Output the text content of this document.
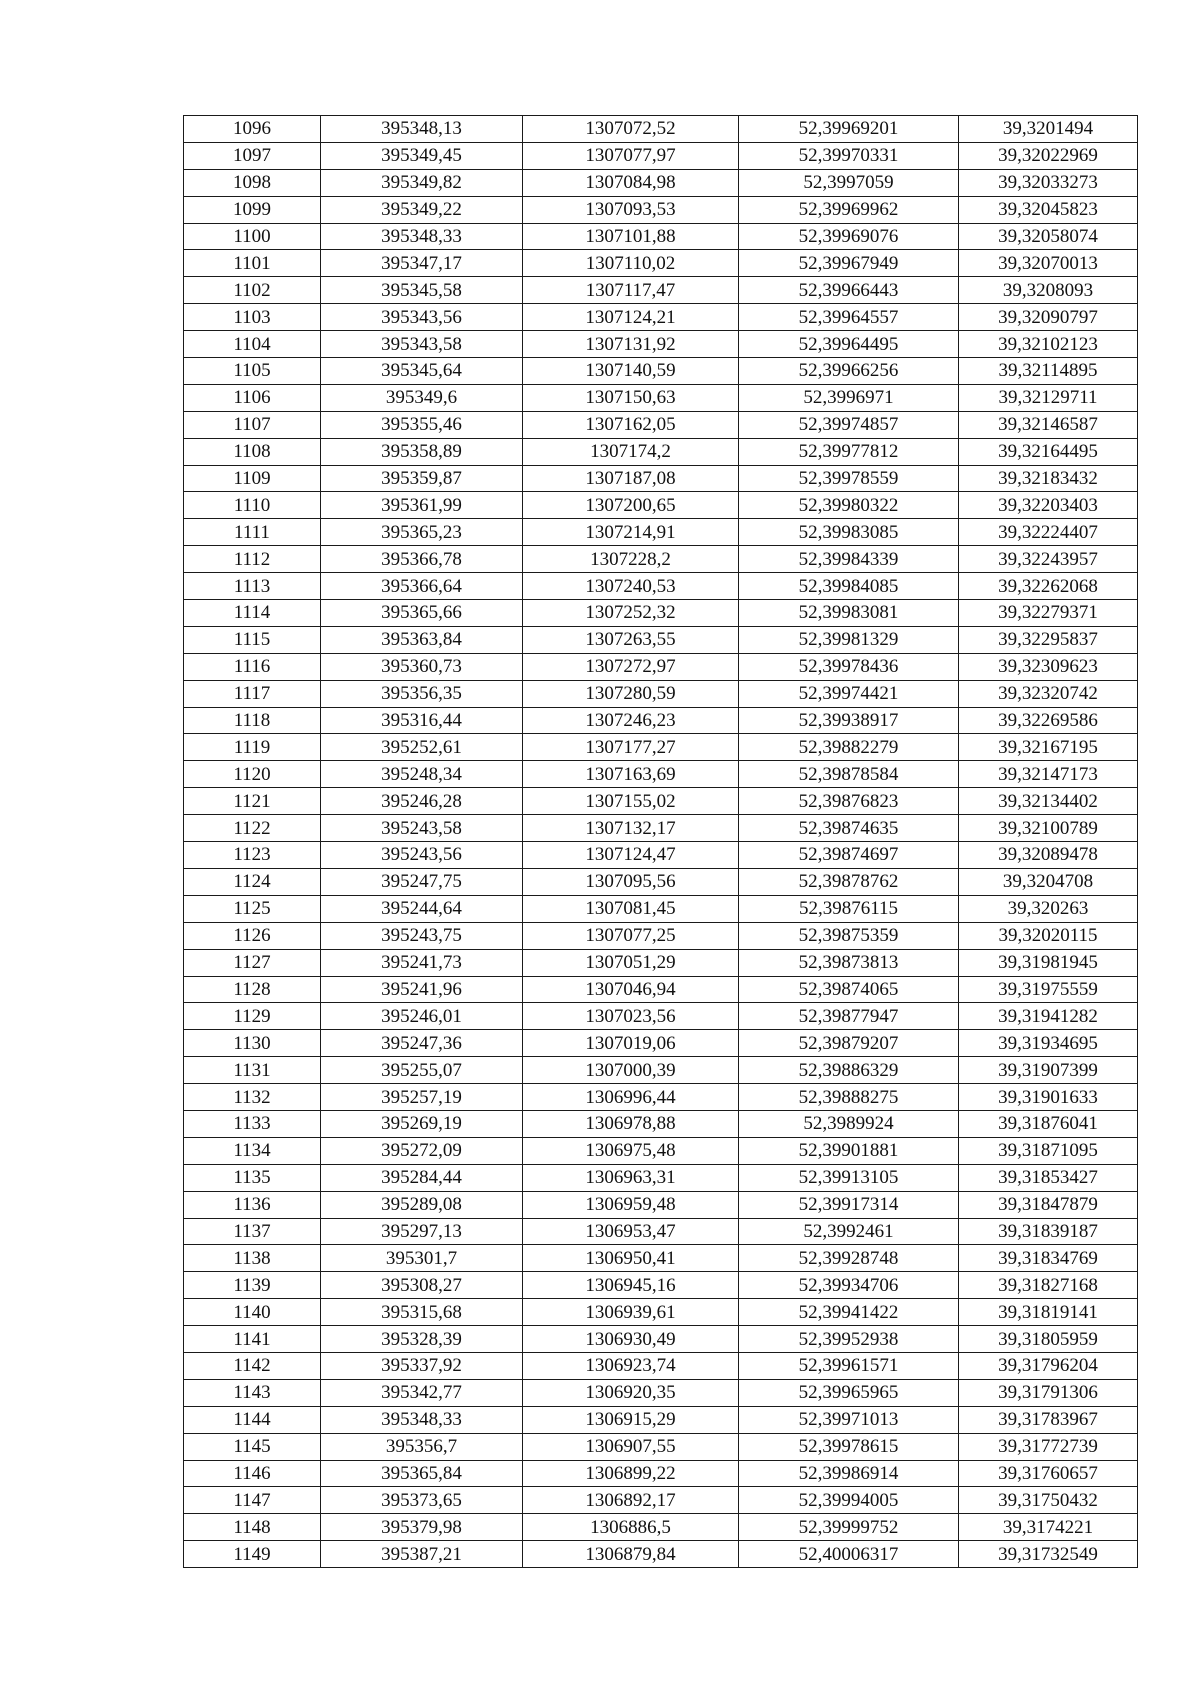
1096	395348,13	1307072,52	52,39969201	39,3201494
1097	395349,45	1307077,97	52,39970331	39,32022969
1098	395349,82	1307084,98	52,3997059	39,32033273
1099	395349,22	1307093,53	52,39969962	39,32045823
1100	395348,33	1307101,88	52,39969076	39,32058074
1101	395347,17	1307110,02	52,39967949	39,32070013
1102	395345,58	1307117,47	52,39966443	39,3208093
1103	395343,56	1307124,21	52,39964557	39,32090797
1104	395343,58	1307131,92	52,39964495	39,32102123
1105	395345,64	1307140,59	52,39966256	39,32114895
1106	395349,6	1307150,63	52,3996971	39,32129711
1107	395355,46	1307162,05	52,39974857	39,32146587
1108	395358,89	1307174,2	52,39977812	39,32164495
1109	395359,87	1307187,08	52,39978559	39,32183432
1110	395361,99	1307200,65	52,39980322	39,32203403
1111	395365,23	1307214,91	52,39983085	39,32224407
1112	395366,78	1307228,2	52,39984339	39,32243957
1113	395366,64	1307240,53	52,39984085	39,32262068
1114	395365,66	1307252,32	52,39983081	39,32279371
1115	395363,84	1307263,55	52,39981329	39,32295837
1116	395360,73	1307272,97	52,39978436	39,32309623
1117	395356,35	1307280,59	52,39974421	39,32320742
1118	395316,44	1307246,23	52,39938917	39,32269586
1119	395252,61	1307177,27	52,39882279	39,32167195
1120	395248,34	1307163,69	52,39878584	39,32147173
1121	395246,28	1307155,02	52,39876823	39,32134402
1122	395243,58	1307132,17	52,39874635	39,32100789
1123	395243,56	1307124,47	52,39874697	39,32089478
1124	395247,75	1307095,56	52,39878762	39,3204708
1125	395244,64	1307081,45	52,39876115	39,320263
1126	395243,75	1307077,25	52,39875359	39,32020115
1127	395241,73	1307051,29	52,39873813	39,31981945
1128	395241,96	1307046,94	52,39874065	39,31975559
1129	395246,01	1307023,56	52,39877947	39,31941282
1130	395247,36	1307019,06	52,39879207	39,31934695
1131	395255,07	1307000,39	52,39886329	39,31907399
1132	395257,19	1306996,44	52,39888275	39,31901633
1133	395269,19	1306978,88	52,3989924	39,31876041
1134	395272,09	1306975,48	52,39901881	39,31871095
1135	395284,44	1306963,31	52,39913105	39,31853427
1136	395289,08	1306959,48	52,39917314	39,31847879
1137	395297,13	1306953,47	52,3992461	39,31839187
1138	395301,7	1306950,41	52,39928748	39,31834769
1139	395308,27	1306945,16	52,39934706	39,31827168
1140	395315,68	1306939,61	52,39941422	39,31819141
1141	395328,39	1306930,49	52,39952938	39,31805959
1142	395337,92	1306923,74	52,39961571	39,31796204
1143	395342,77	1306920,35	52,39965965	39,31791306
1144	395348,33	1306915,29	52,39971013	39,31783967
1145	395356,7	1306907,55	52,39978615	39,31772739
1146	395365,84	1306899,22	52,39986914	39,31760657
1147	395373,65	1306892,17	52,39994005	39,31750432
1148	395379,98	1306886,5	52,39999752	39,3174221
1149	395387,21	1306879,84	52,40006317	39,31732549
